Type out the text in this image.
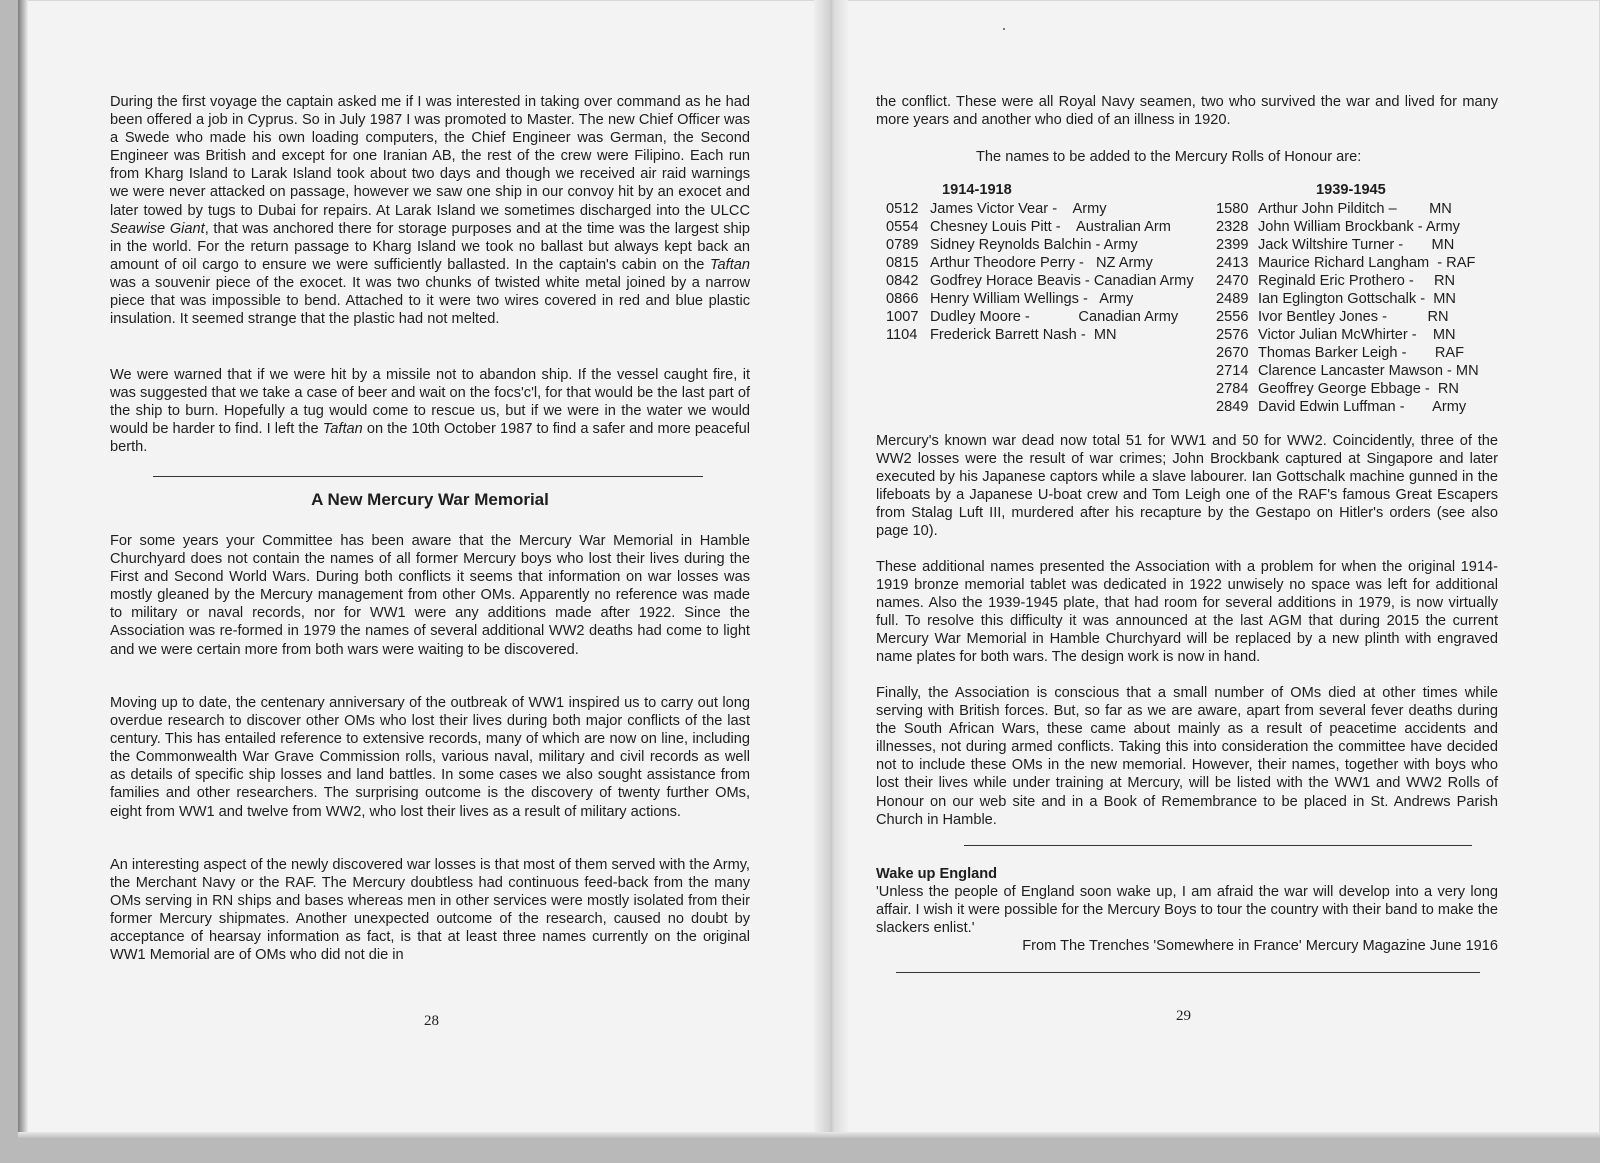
During the first voyage the captain asked me if I was interested in taking over command as he had been offered a job in Cyprus. So in July 1987 I was promoted to Master. The new Chief Officer was a Swede who made his own loading computers, the Chief Engineer was German, the Second Engineer was British and except for one Iranian AB, the rest of the crew were Filipino. Each run from Kharg Island to Larak Island took about two days and though we received air raid warnings we were never attacked on passage, however we saw one ship in our convoy hit by an exocet and later towed by tugs to Dubai for repairs. At Larak Island we sometimes discharged into the ULCC Seawise Giant, that was anchored there for storage purposes and at the time was the largest ship in the world. For the return passage to Kharg Island we took no ballast but always kept back an amount of oil cargo to ensure we were sufficiently ballasted. In the captain's cabin on the Taftan was a souvenir piece of the exocet. It was two chunks of twisted white metal joined by a narrow piece that was impossible to bend. Attached to it were two wires covered in red and blue plastic insulation. It seemed strange that the plastic had not melted.

We were warned that if we were hit by a missile not to abandon ship. If the vessel caught fire, it was suggested that we take a case of beer and wait on the focs'c'l, for that would be the last part of the ship to burn. Hopefully a tug would come to rescue us, but if we were in the water we would would be harder to find. I left the Taftan on the 10th October 1987 to find a safer and more peaceful berth.

A New Mercury War Memorial

For some years your Committee has been aware that the Mercury War Memorial in Hamble Churchyard does not contain the names of all former Mercury boys who lost their lives during the First and Second World Wars. During both conflicts it seems that information on war losses was mostly gleaned by the Mercury management from other OMs. Apparently no reference was made to military or naval records, nor for WW1 were any additions made after 1922. Since the Association was re-formed in 1979 the names of several additional WW2 deaths had come to light and we were certain more from both wars were waiting to be discovered.

Moving up to date, the centenary anniversary of the outbreak of WW1 inspired us to carry out long overdue research to discover other OMs who lost their lives during both major conflicts of the last century. This has entailed reference to extensive records, many of which are now on line, including the Commonwealth War Grave Commission rolls, various naval, military and civil records as well as details of specific ship losses and land battles. In some cases we also sought assistance from families and other researchers. The surprising outcome is the discovery of twenty further OMs, eight from WW1 and twelve from WW2, who lost their lives as a result of military actions.

An interesting aspect of the newly discovered war losses is that most of them served with the Army, the Merchant Navy or the RAF. The Mercury doubtless had continuous feed-back from the many OMs serving in RN ships and bases whereas men in other services were mostly isolated from their former Mercury shipmates. Another unexpected outcome of the research, caused no doubt by acceptance of hearsay information as fact, is that at least three names currently on the original WW1 Memorial are of OMs who did not die in

28

the conflict. These were all Royal Navy seamen, two who survived the war and lived for many more years and another who died of an illness in 1920.

The names to be added to the Mercury Rolls of Honour are:
1914-1918	1939-1945
0512 James Victor Vear -    Army
0554 Chesney Louis Pitt -    Australian Arm
0789 Sidney Reynolds Balchin - Army
0815 Arthur Theodore Perry -   NZ Army
0842 Godfrey Horace Beavis - Canadian Army
0866 Henry William Wellings -   Army
1007 Dudley Moore -            Canadian Army
1104 Frederick Barrett Nash -  MN
1580 Arthur John Pilditch –        MN
2328 John William Brockbank - Army
2399 Jack Wiltshire Turner -       MN
2413 Maurice Richard Langham  - RAF
2470 Reginald Eric Prothero -     RN
2489 Ian Eglington Gottschalk -  MN
2556 Ivor Bentley Jones -          RN
2576 Victor Julian McWhirter -    MN
2670 Thomas Barker Leigh -       RAF
2714 Clarence Lancaster Mawson - MN
2784 Geoffrey George Ebbage -  RN
2849 David Edwin Luffman -       Army

Mercury's known war dead now total 51 for WW1 and 50 for WW2. Coincidently, three of the WW2 losses were the result of war crimes; John Brockbank captured at Singapore and later executed by his Japanese captors while a slave labourer. Ian Gottschalk machine gunned in the lifeboats by a Japanese U-boat crew and Tom Leigh one of the RAF's famous Great Escapers from Stalag Luft III, murdered after his recapture by the Gestapo on Hitler's orders (see also page 10).

These additional names presented the Association with a problem for when the original 1914-1919 bronze memorial tablet was dedicated in 1922 unwisely no space was left for additional names. Also the 1939-1945 plate, that had room for several additions in 1979, is now virtually full. To resolve this difficulty it was announced at the last AGM that during 2015 the current Mercury War Memorial in Hamble Churchyard will be replaced by a new plinth with engraved name plates for both wars. The design work is now in hand.

Finally, the Association is conscious that a small number of OMs died at other times while serving with British forces. But, so far as we are aware, apart from several fever deaths during the South African Wars, these came about mainly as a result of peacetime accidents and illnesses, not during armed conflicts. Taking this into consideration the committee have decided not to include these OMs in the new memorial. However, their names, together with boys who lost their lives while under training at Mercury, will be listed with the WW1 and WW2 Rolls of Honour on our web site and in a Book of Remembrance to be placed in St. Andrews Parish Church in Hamble.

Wake up England

'Unless the people of England soon wake up, I am afraid the war will develop into a very long affair. I wish it were possible for the Mercury Boys to tour the country with their band to make the slackers enlist.'

From The Trenches 'Somewhere in France' Mercury Magazine June 1916
29
